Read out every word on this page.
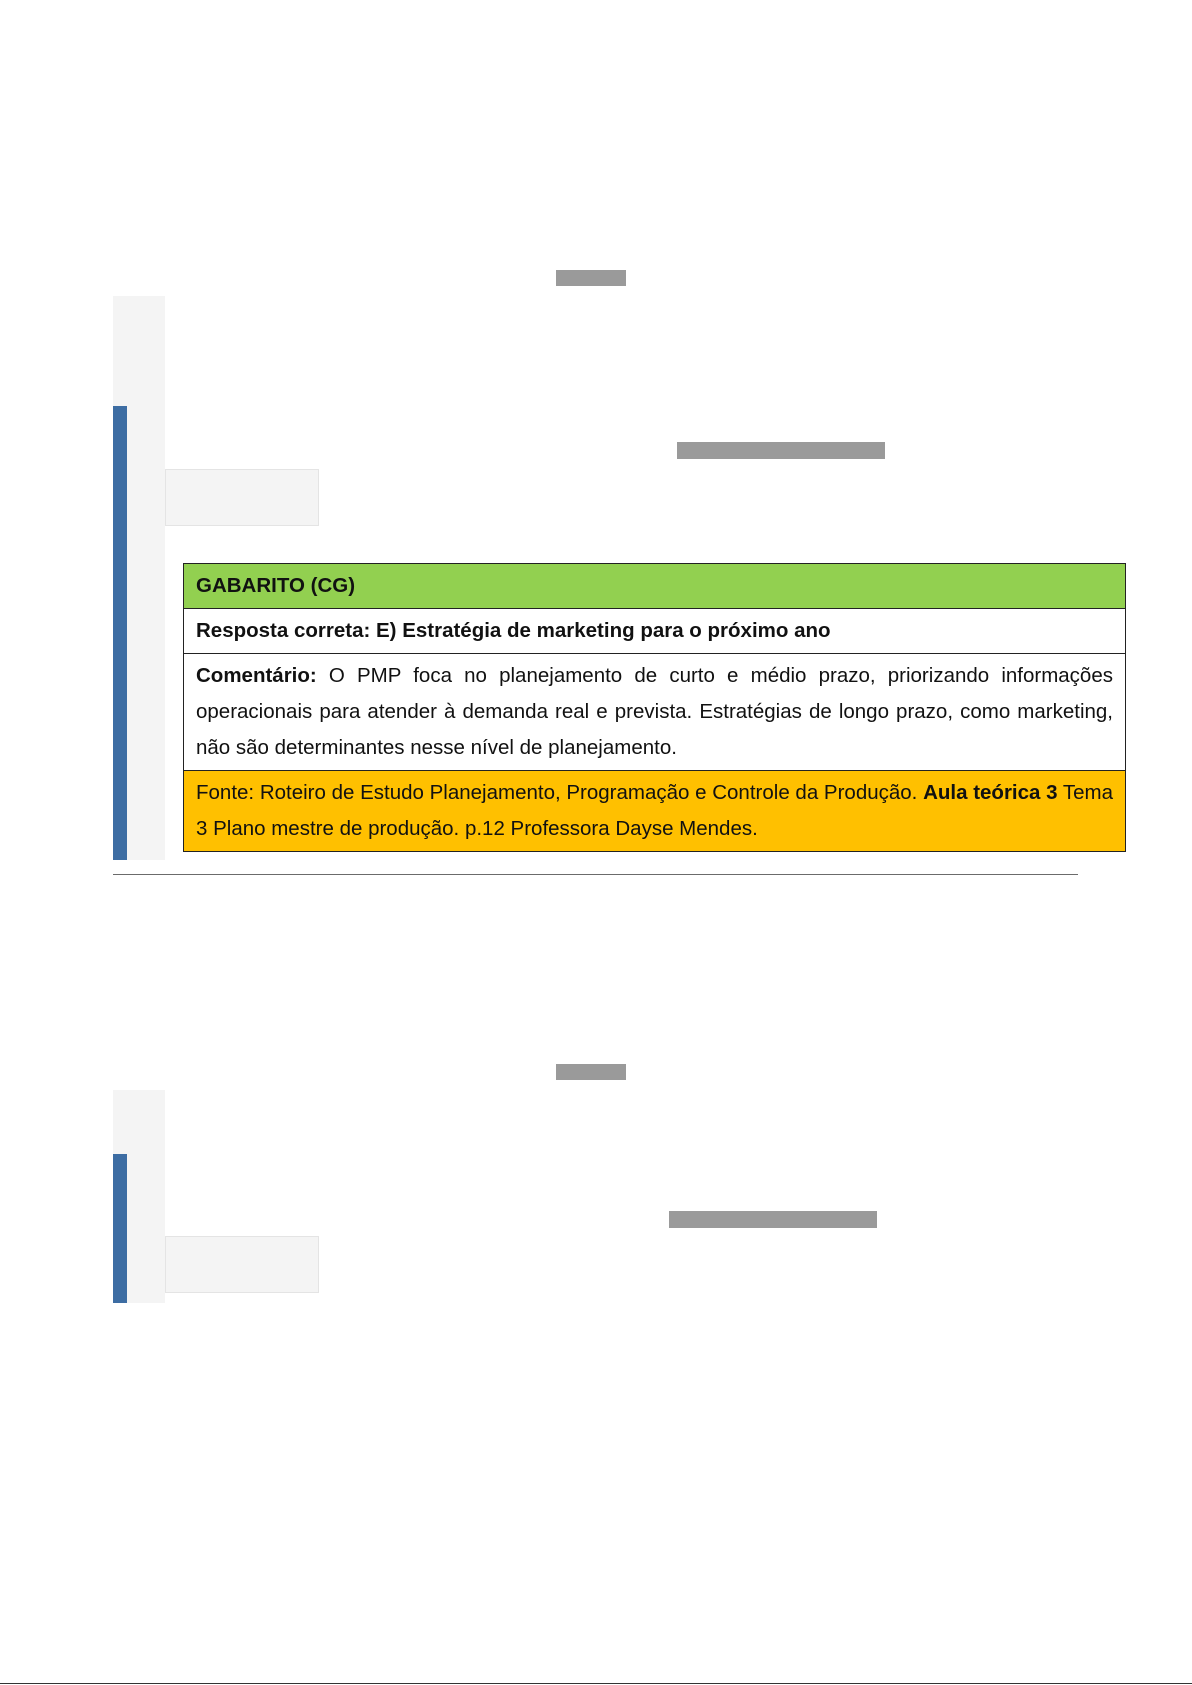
GABARITO (CG)
Resposta correta: E) Estratégia de marketing para o próximo ano
Comentário: O PMP foca no planejamento de curto e médio prazo, priorizando informações operacionais para atender à demanda real e prevista. Estratégias de longo prazo, como marketing, não são determinantes nesse nível de planejamento.
Fonte: Roteiro de Estudo Planejamento, Programação e Controle da Produção. Aula teórica 3 Tema 3 Plano mestre de produção. p.12 Professora Dayse Mendes.
